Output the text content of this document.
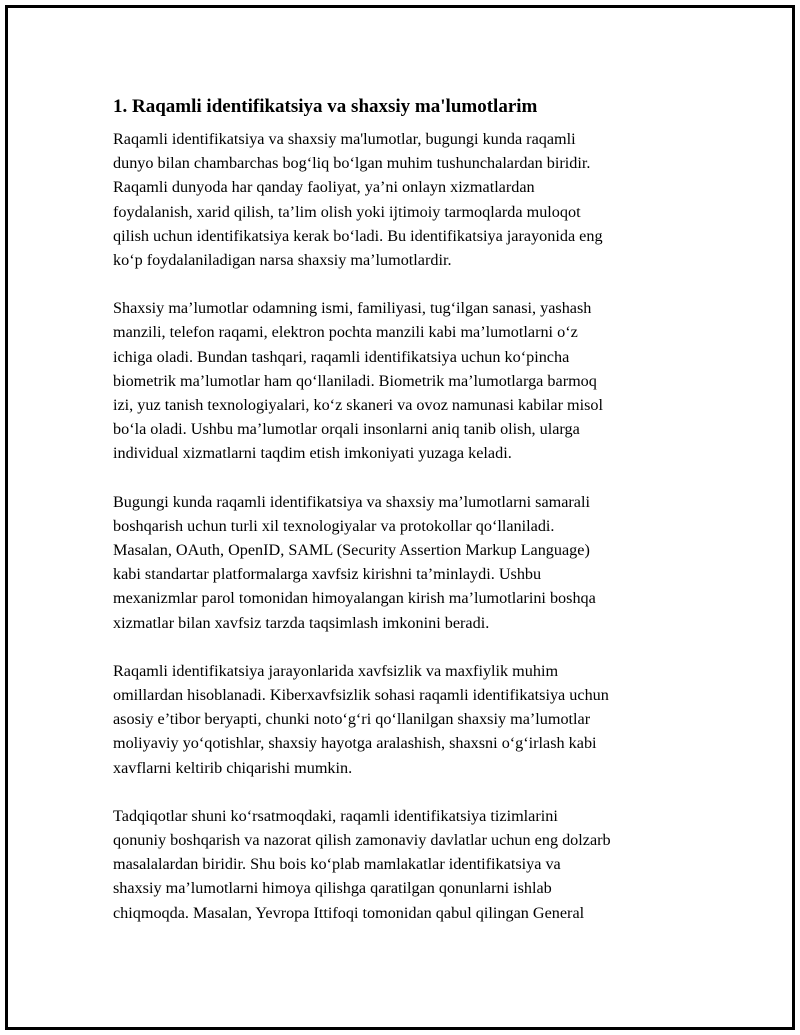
1. Raqamli identifikatsiya va shaxsiy ma'lumotlarim

Raqamli identifikatsiya va shaxsiy ma'lumotlar, bugungi kunda raqamli
dunyo bilan chambarchas bog‘liq bo‘lgan muhim tushunchalardan biridir.
Raqamli dunyoda har qanday faoliyat, ya’ni onlayn xizmatlardan
foydalanish, xarid qilish, ta’lim olish yoki ijtimoiy tarmoqlarda muloqot
qilish uchun identifikatsiya kerak bo‘ladi. Bu identifikatsiya jarayonida eng
ko‘p foydalaniladigan narsa shaxsiy ma’lumotlardir.

Shaxsiy ma’lumotlar odamning ismi, familiyasi, tug‘ilgan sanasi, yashash
manzili, telefon raqami, elektron pochta manzili kabi ma’lumotlarni o‘z
ichiga oladi. Bundan tashqari, raqamli identifikatsiya uchun ko‘pincha
biometrik ma’lumotlar ham qo‘llaniladi. Biometrik ma’lumotlarga barmoq
izi, yuz tanish texnologiyalari, ko‘z skaneri va ovoz namunasi kabilar misol
bo‘la oladi. Ushbu ma’lumotlar orqali insonlarni aniq tanib olish, ularga
individual xizmatlarni taqdim etish imkoniyati yuzaga keladi.

Bugungi kunda raqamli identifikatsiya va shaxsiy ma’lumotlarni samarali
boshqarish uchun turli xil texnologiyalar va protokollar qo‘llaniladi.
Masalan, OAuth, OpenID, SAML (Security Assertion Markup Language)
kabi standartar platformalarga xavfsiz kirishni ta’minlaydi. Ushbu
mexanizmlar parol tomonidan himoyalangan kirish ma’lumotlarini boshqa
xizmatlar bilan xavfsiz tarzda taqsimlash imkonini beradi.

Raqamli identifikatsiya jarayonlarida xavfsizlik va maxfiylik muhim
omillardan hisoblanadi. Kiberxavfsizlik sohasi raqamli identifikatsiya uchun
asosiy e’tibor beryapti, chunki noto‘g‘ri qo‘llanilgan shaxsiy ma’lumotlar
moliyaviy yo‘qotishlar, shaxsiy hayotga aralashish, shaxsni o‘g‘irlash kabi
xavflarni keltirib chiqarishi mumkin.

Tadqiqotlar shuni ko‘rsatmoqdaki, raqamli identifikatsiya tizimlarini
qonuniy boshqarish va nazorat qilish zamonaviy davlatlar uchun eng dolzarb
masalalardan biridir. Shu bois ko‘plab mamlakatlar identifikatsiya va
shaxsiy ma’lumotlarni himoya qilishga qaratilgan qonunlarni ishlab
chiqmoqda. Masalan, Yevropa Ittifoqi tomonidan qabul qilingan General
